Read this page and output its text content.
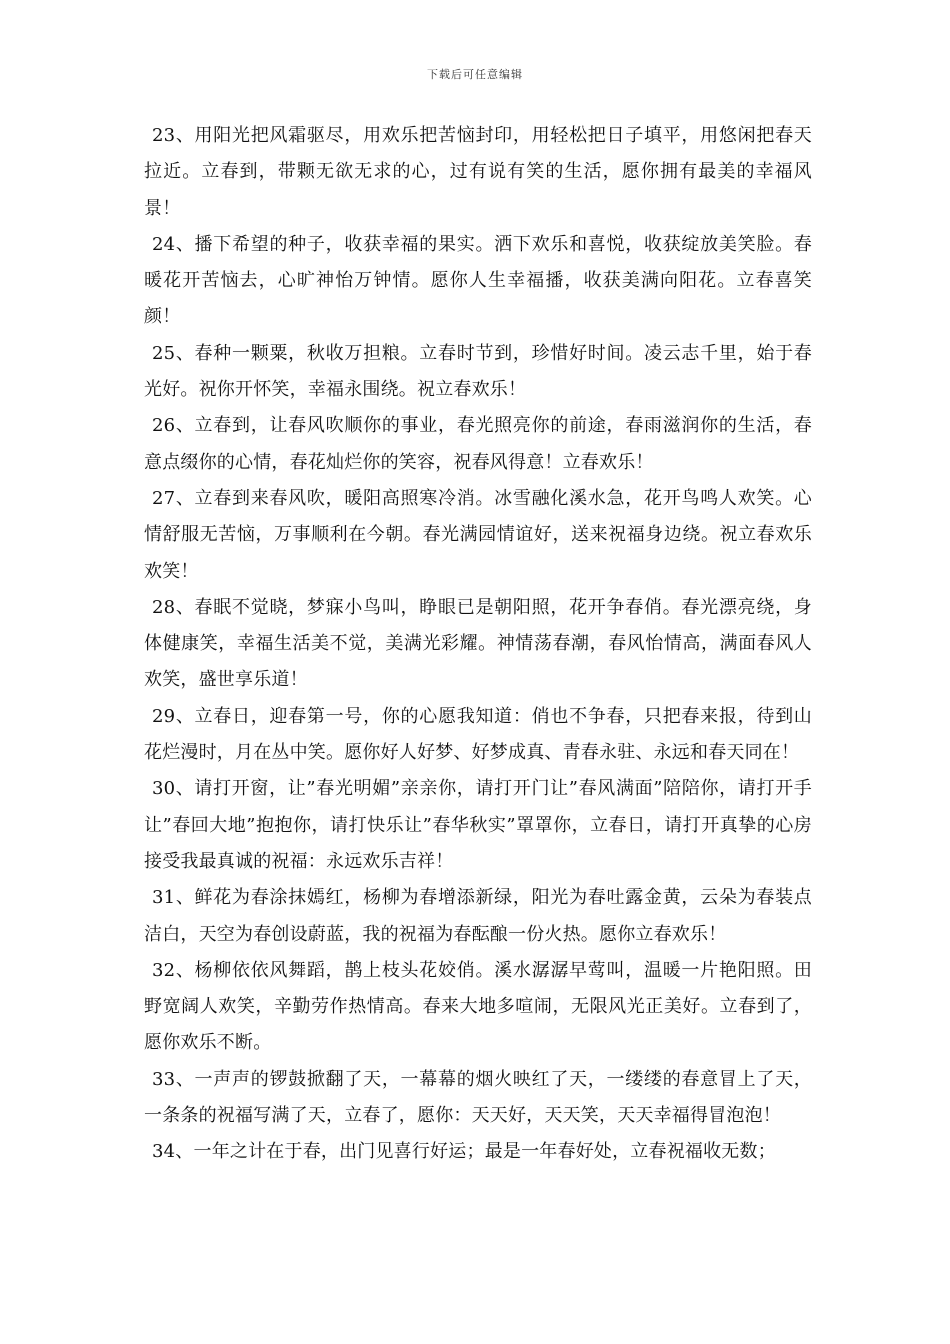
下载后可任意编辑

23、用阳光把风霜驱尽，用欢乐把苦恼封印，用轻松把日子填平，用悠闲把春天拉近。立春到，带颗无欲无求的心，过有说有笑的生活，愿你拥有最美的幸福风景！

24、播下希望的种子，收获幸福的果实。洒下欢乐和喜悦，收获绽放美笑脸。春暖花开苦恼去，心旷神怡万钟情。愿你人生幸福播，收获美满向阳花。立春喜笑颜！

25、春种一颗粟，秋收万担粮。立春时节到，珍惜好时间。凌云志千里，始于春光好。祝你开怀笑，幸福永围绕。祝立春欢乐！

26、立春到，让春风吹顺你的事业，春光照亮你的前途，春雨滋润你的生活，春意点缀你的心情，春花灿烂你的笑容，祝春风得意！立春欢乐！

27、立春到来春风吹，暖阳高照寒冷消。冰雪融化溪水急，花开鸟鸣人欢笑。心情舒服无苦恼，万事顺利在今朝。春光满园情谊好，送来祝福身边绕。祝立春欢乐欢笑！

28、春眠不觉晓，梦寐小鸟叫，睁眼已是朝阳照，花开争春俏。春光漂亮绕，身体健康笑，幸福生活美不觉，美满光彩耀。神情荡春潮，春风怡情高，满面春风人欢笑，盛世享乐道！

29、立春日，迎春第一号，你的心愿我知道：俏也不争春，只把春来报，待到山花烂漫时，月在丛中笑。愿你好人好梦、好梦成真、青春永驻、永远和春天同在！

30、请打开窗，让”春光明媚”亲亲你，请打开门让”春风满面”陪陪你，请打开手让”春回大地”抱抱你，请打快乐让”春华秋实”罩罩你，立春日，请打开真挚的心房接受我最真诚的祝福：永远欢乐吉祥！

31、鲜花为春涂抹嫣红，杨柳为春增添新绿，阳光为春吐露金黄，云朵为春装点洁白，天空为春创设蔚蓝，我的祝福为春酝酿一份火热。愿你立春欢乐！

32、杨柳依依风舞蹈，鹊上枝头花姣俏。溪水潺潺早莺叫，温暖一片艳阳照。田野宽阔人欢笑，辛勤劳作热情高。春来大地多喧闹，无限风光正美好。立春到了，愿你欢乐不断。

33、一声声的锣鼓掀翻了天，一幕幕的烟火映红了天，一缕缕的春意冒上了天，一条条的祝福写满了天，立春了，愿你：天天好，天天笑，天天幸福得冒泡泡！

34、一年之计在于春，出门见喜行好运；最是一年春好处，立春祝福收无数；
